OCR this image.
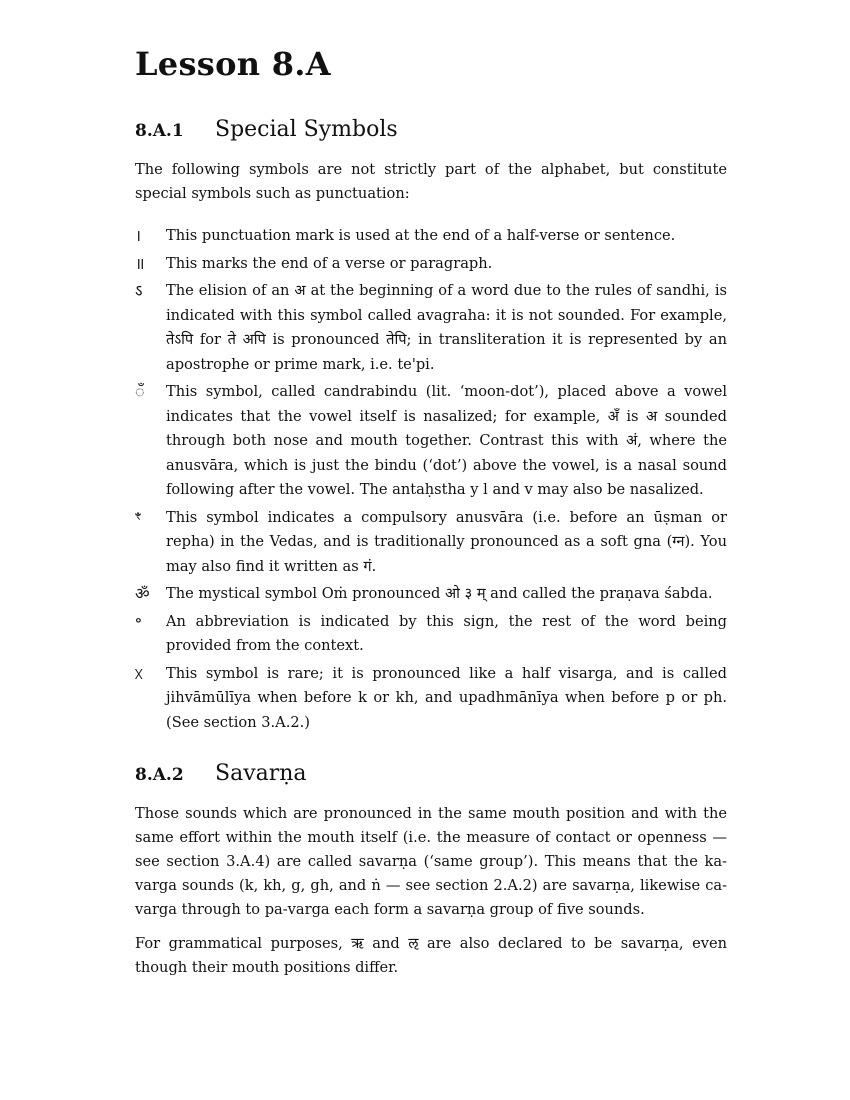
Lesson 8.A
8.A.1 Special Symbols

The following symbols are not strictly part of the alphabet, but constitute special symbols such as punctuation:

।	This punctuation mark is used at the end of a half-verse or sentence.
॥	This marks the end of a verse or paragraph.
ऽ	The elision of an अ at the beginning of a word due to the rules of sandhi, is indicated with this symbol called avagraha: it is not sounded. For example, तेऽपि for ते अपि is pronounced तेपि; in transliteration it is represented by an apostrophe or prime mark, i.e. te'pi.
ँ	This symbol, called candrabindu (lit. ‘moon-dot’), placed above a vowel indicates that the vowel itself is nasalized; for example, अँ is अ sounded through both nose and mouth together. Contrast this with अं, where the anusvāra, which is just the bindu (‘dot’) above the vowel, is a nasal sound following after the vowel. The antaḥstha y l and v may also be nasalized.
ꣳ	This symbol indicates a compulsory anusvāra (i.e. before an ūṣman or repha) in the Vedas, and is traditionally pronounced as a soft gna (ग्न). You may also find it written as गं.
ॐ	The mystical symbol Oṁ pronounced ओ ३ म् and called the praṇava śabda.
॰	An abbreviation is indicated by this sign, the rest of the word being provided from the context.
ᳵ	This symbol is rare; it is pronounced like a half visarga, and is called jihvāmūlīya when before k or kh, and upadhmānīya when before p or ph. (See section 3.A.2.)
8.A.2 Savarṇa

Those sounds which are pronounced in the same mouth position and with the same effort within the mouth itself (i.e. the measure of contact or openness — see section 3.A.4) are called savarṇa (‘same group’). This means that the ka-varga sounds (k, kh, g, gh, and ṅ — see section 2.A.2) are savarṇa, likewise ca-varga through to pa-varga each form a savarṇa group of five sounds.

For grammatical purposes, ऋ and ऌ are also declared to be savarṇa, even though their mouth positions differ.
